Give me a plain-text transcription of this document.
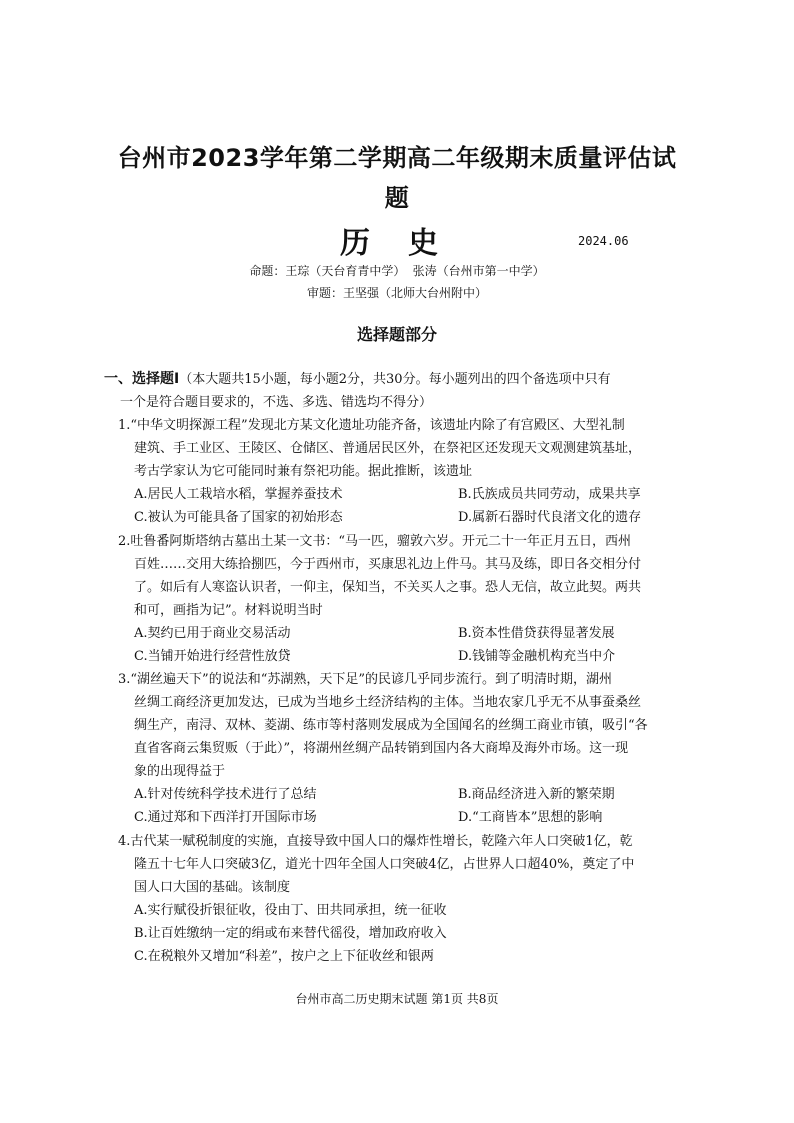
台州市2023学年第二学期高二年级期末质量评估试
题
历史	2024.06
命题：王琮（天台育青中学） 张涛（台州市第一中学）
审题：王坚强（北师大台州附中）
选择题部分
一、选择题Ⅰ（本大题共15小题，每小题2分，共30分。每小题列出的四个备选项中只有
一个是符合题目要求的，不选、多选、错选均不得分）
1.“中华文明探源工程”发现北方某文化遗址功能齐备，该遗址内除了有宫殿区、大型礼制
建筑、手工业区、王陵区、仓储区、普通居民区外，在祭祀区还发现天文观测建筑基址，
考古学家认为它可能同时兼有祭祀功能。据此推断，该遗址
A.居民人工栽培水稻，掌握养蚕技术	B.氏族成员共同劳动，成果共享
C.被认为可能具备了国家的初始形态	D.属新石器时代良渚文化的遗存
2.吐鲁番阿斯塔纳古墓出土某一文书：“马一匹，骝敦六岁。开元二十一年正月五日，西州
百姓……交用大练拾捌匹，今于西州市，买康思礼边上件马。其马及练，即日各交相分付
了。如后有人寒盗认识者，一仰主，保知当，不关买人之事。恐人无信，故立此契。两共
和可，画指为记”。材料说明当时
A.契约已用于商业交易活动	B.资本性借贷获得显著发展
C.当铺开始进行经营性放贷	D.钱铺等金融机构充当中介
3.“湖丝遍天下”的说法和“苏湖熟，天下足”的民谚几乎同步流行。到了明清时期，湖州
丝绸工商经济更加发达，已成为当地乡土经济结构的主体。当地农家几乎无不从事蚕桑丝
绸生产，南浔、双林、菱湖、练市等村落则发展成为全国闻名的丝绸工商业市镇，吸引“各
直省客商云集贸贩（于此）”，将湖州丝绸产品转销到国内各大商埠及海外市场。这一现
象的出现得益于
A.针对传统科学技术进行了总结	B.商品经济进入新的繁荣期
C.通过郑和下西洋打开国际市场	D.“工商皆本”思想的影响
4.古代某一赋税制度的实施，直接导致中国人口的爆炸性增长，乾隆六年人口突破1亿，乾
隆五十七年人口突破3亿，道光十四年全国人口突破4亿，占世界人口超40%，奠定了中
国人口大国的基础。该制度
A.实行赋役折银征收，役由丁、田共同承担，统一征收
B.让百姓缴纳一定的绢或布来替代徭役，增加政府收入
C.在税粮外又增加“科差”，按户之上下征收丝和银两
台州市高二历史期末试题 第1页 共8页
